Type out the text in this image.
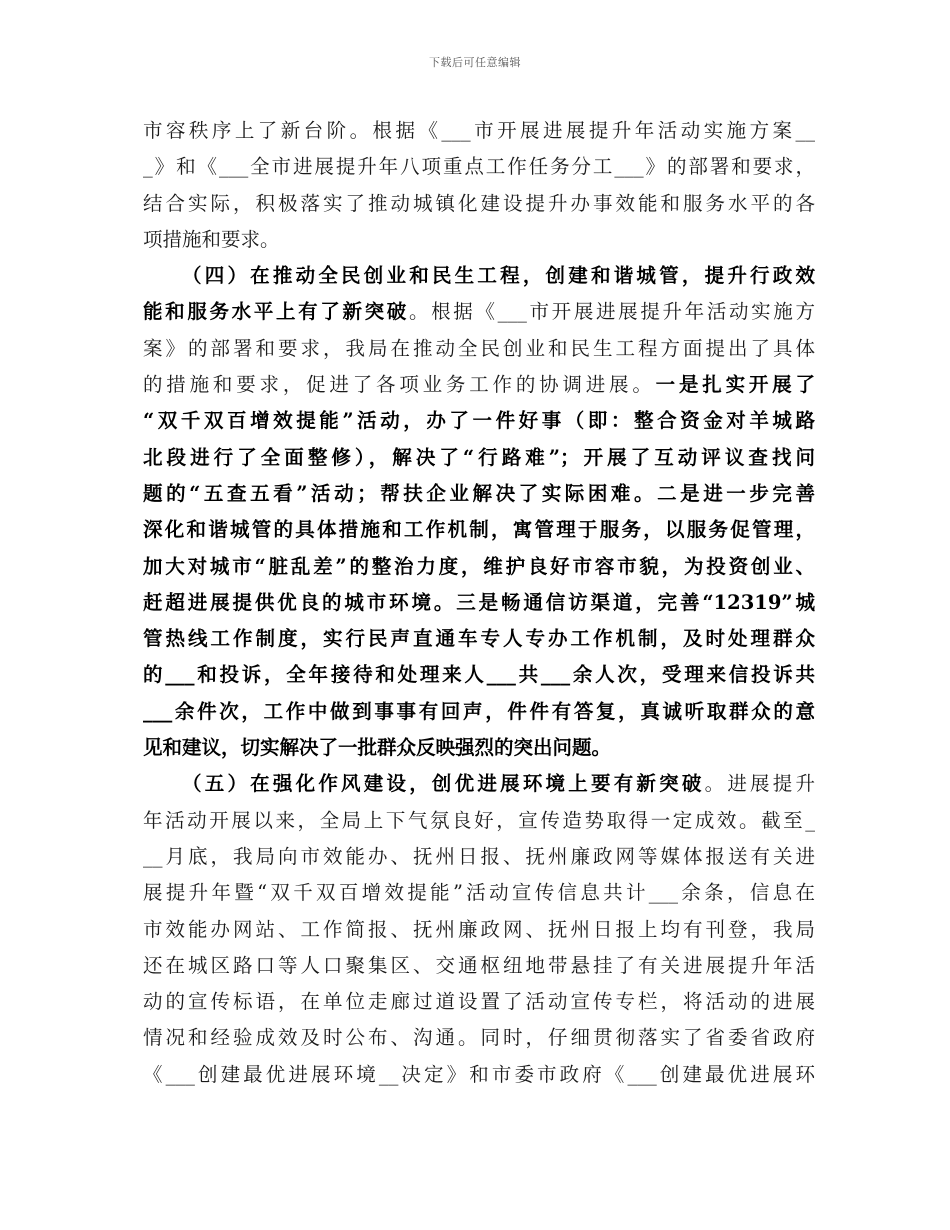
下载后可任意编辑
市容秩序上了新台阶。根据《___市开展进展提升年活动实施方案__
_》和《___全市进展提升年八项重点工作任务分工___》的部署和要求，
结合实际，积极落实了推动城镇化建设提升办事效能和服务水平的各
项措施和要求。
（四）在推动全民创业和民生工程，创建和谐城管，提升行政效
能和服务水平上有了新突破。根据《___市开展进展提升年活动实施方
案》的部署和要求，我局在推动全民创业和民生工程方面提出了具体
的措施和要求，促进了各项业务工作的协调进展。一是扎实开展了
“双千双百增效提能”活动，办了一件好事（即：整合资金对羊城路
北段进行了全面整修），解决了“行路难”；开展了互动评议查找问
题的“五查五看”活动；帮扶企业解决了实际困难。二是进一步完善
深化和谐城管的具体措施和工作机制，寓管理于服务，以服务促管理，
加大对城市“脏乱差”的整治力度，维护良好市容市貌，为投资创业、
赶超进展提供优良的城市环境。三是畅通信访渠道，完善“12319”城
管热线工作制度，实行民声直通车专人专办工作机制，及时处理群众
的___和投诉，全年接待和处理来人___共___余人次，受理来信投诉共
___余件次，工作中做到事事有回声，件件有答复，真诚听取群众的意
见和建议，切实解决了一批群众反映强烈的突出问题。
（五）在强化作风建设，创优进展环境上要有新突破。进展提升
年活动开展以来，全局上下气氛良好，宣传造势取得一定成效。截至_
__月底，我局向市效能办、抚州日报、抚州廉政网等媒体报送有关进
展提升年暨“双千双百增效提能”活动宣传信息共计___余条，信息在
市效能办网站、工作简报、抚州廉政网、抚州日报上均有刊登，我局
还在城区路口等人口聚集区、交通枢纽地带悬挂了有关进展提升年活
动的宣传标语，在单位走廊过道设置了活动宣传专栏，将活动的进展
情况和经验成效及时公布、沟通。同时，仔细贯彻落实了省委省政府
《___创建最优进展环境__决定》和市委市政府《___创建最优进展环
